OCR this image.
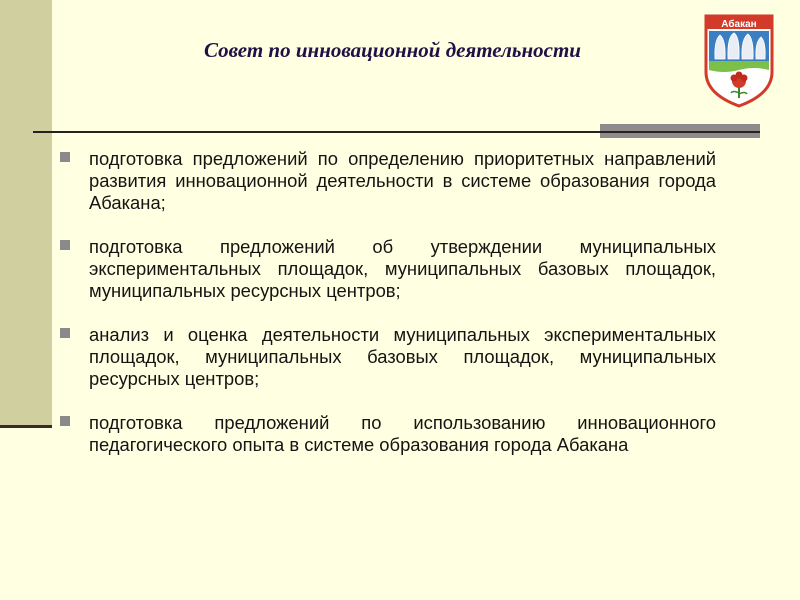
Совет по инновационной деятельности
Абакан
подготовка предложений по определению приоритетных направлений развития инновационной деятельности в системе образования города Абакана;
подготовка предложений об утверждении муниципальных экспериментальных площадок, муниципальных базовых площадок, муниципальных ресурсных центров;
анализ и оценка деятельности муниципальных экспериментальных площадок, муниципальных базовых площадок, муниципальных ресурсных центров;
подготовка предложений по использованию инновационного педагогического опыта в системе образования города Абакана
